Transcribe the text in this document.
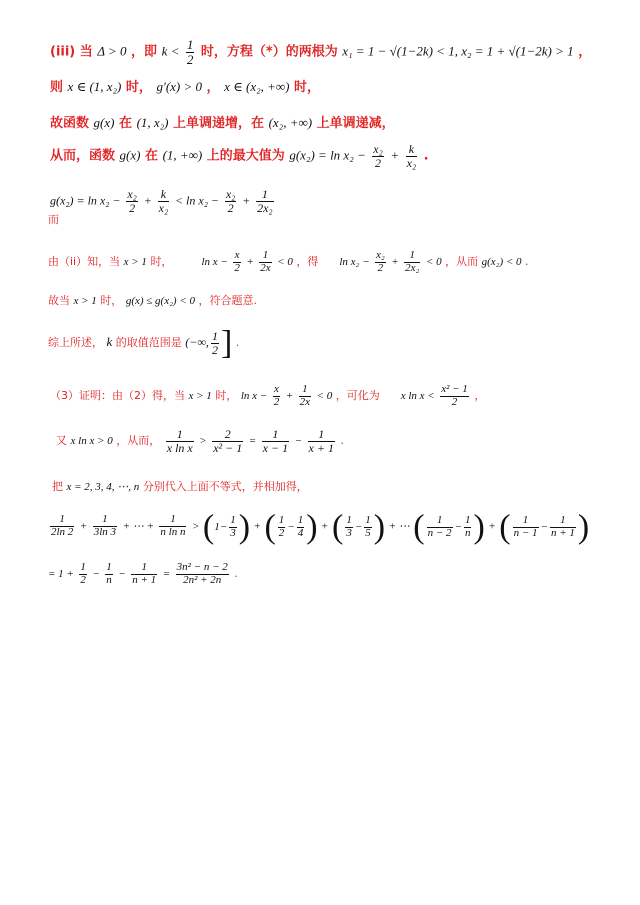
(iii) 当 Δ > 0 ，即 $k < \frac{1}{2}$ 时，方程（*）的两根为 x₁ = 1 − √(1−2k) < 1, x₂ = 1 + √(1−2k) > 1 ，
则 x ∈ (1, x₂) 时， g′(x) > 0 ， x ∈ (x₂, +∞) 时，
故函数 g(x) 在 (1, x₂) 上单调递增，在 (x₂, +∞) 上单调递减，
从而，函数 g(x) 在 (1, +∞) 上的最大值为 $g(x_2) = \ln x_2 - \frac{\text{x₂}}{2} + \frac{k}{\text{x₂}}$ .
$g(x_2) = \ln x_2 - \frac{\text{x₂}}{2} + \frac{k}{\text{x₂}} < \ln x_2 - \frac{\text{x₂}}{2} + \frac{1}{\text{2x₂}}$
而
由（ii）知，当 x > 1 时，	$\ln x - \frac{x}{2} + \frac{1}{2x} < 0$ ，得 $\ln x_2 - \frac{\text{x₂}}{2} + \frac{1}{\text{2x₂}} < 0$ ，从而 g(x₂) < 0 .
故当 x > 1 时， g(x) ≤ g(x₂) < 0 ，符合题意.
综上所述， k 的取值范围是 (−∞, $\frac{1}{2}$ ] .
（3）证明：由（2）得，当 x > 1 时， $\ln x - \frac{x}{2} + \frac{1}{2x} < 0$ ，可化为 x $\ln x < \frac{\text{x² − 1}}{2}$ ，
又 x ln x > 0 ，从而， $\frac{1}{\text{x ln x}} > \frac{2}{\text{x² − 1}} = \frac{1}{x - 1} - \frac{1}{x + 1}$ .
把 x = 2, 3, 4, ⋯, n 分别代入上面不等式，并相加得，
$\frac{1}{2\ln 2} + \frac{1}{3\ln 3}$ + ⋯ + $\frac{1}{\text{n ln n}} > (1- \frac{1}{3}$ ) + ( $\frac{1}{2} - \frac{1}{4}$ ) + ( $\frac{1}{3} - \frac{1}{5}$ ) + ⋯ ( $\frac{1}{n - 2} - \frac{1}{n}$ ) + ( $\frac{1}{n - 1} - \frac{1}{n + 1}$ )
= $1 + \frac{1}{2} - \frac{1}{n} - \frac{1}{n + 1} = \frac{\text{3n² − n − 2}}{\text{2n² + 2n}}$ .
